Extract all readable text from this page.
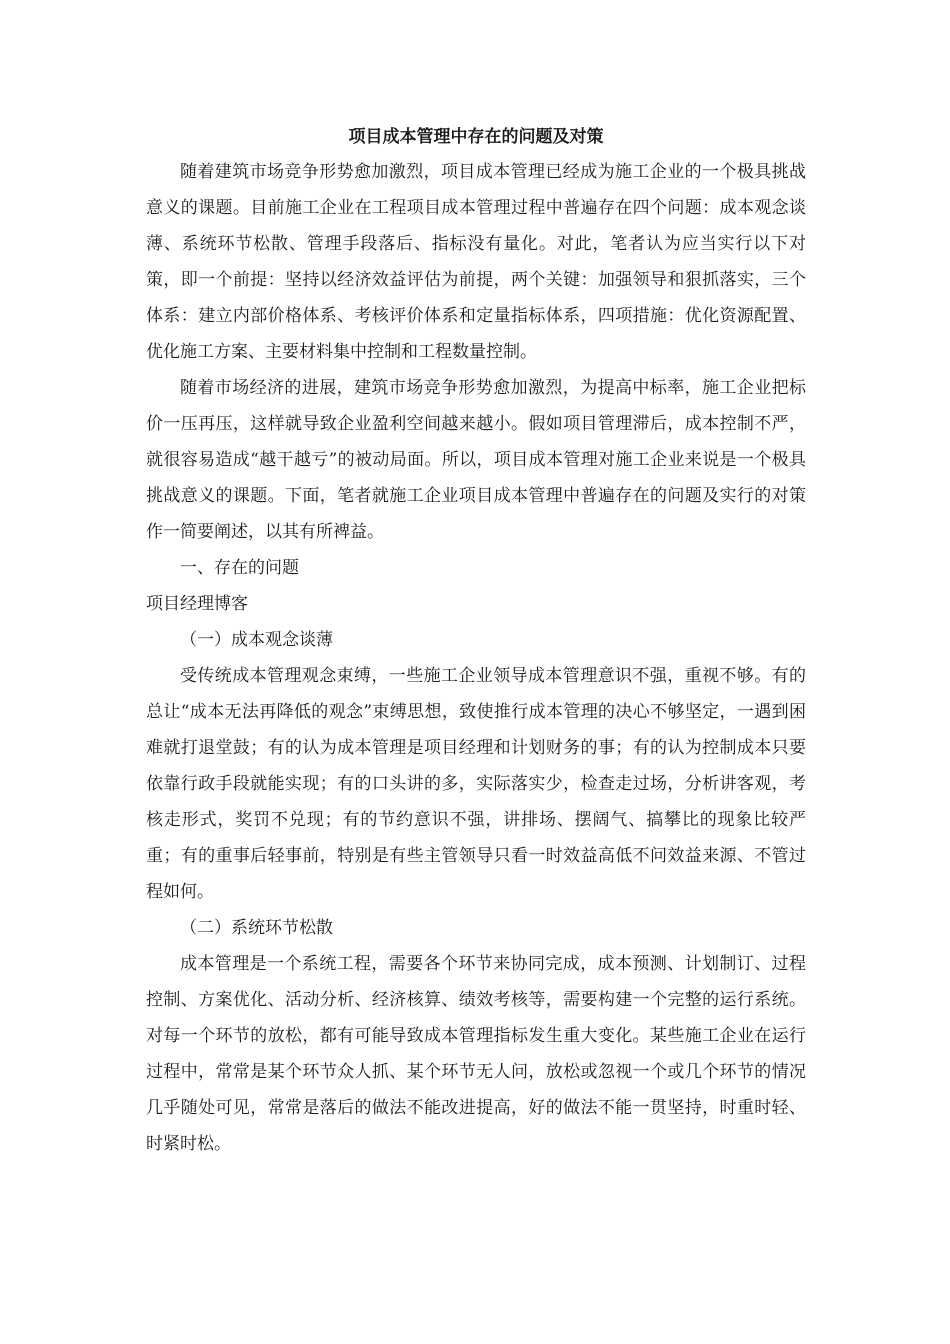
项目成本管理中存在的问题及对策

随着建筑市场竞争形势愈加激烈，项目成本管理已经成为施工企业的一个极具挑战意义的课题。目前施工企业在工程项目成本管理过程中普遍存在四个问题：成本观念谈薄、系统环节松散、管理手段落后、指标没有量化。对此，笔者认为应当实行以下对策，即一个前提：坚持以经济效益评估为前提，两个关键：加强领导和狠抓落实，三个体系：建立内部价格体系、考核评价体系和定量指标体系，四项措施：优化资源配置、优化施工方案、主要材料集中控制和工程数量控制。

随着市场经济的进展，建筑市场竞争形势愈加激烈，为提高中标率，施工企业把标价一压再压，这样就导致企业盈利空间越来越小。假如项目管理滞后，成本控制不严，就很容易造成“越干越亏”的被动局面。所以，项目成本管理对施工企业来说是一个极具挑战意义的课题。下面，笔者就施工企业项目成本管理中普遍存在的问题及实行的对策作一简要阐述，以其有所裨益。

一、存在的问题

项目经理博客

（一）成本观念谈薄

受传统成本管理观念束缚，一些施工企业领导成本管理意识不强，重视不够。有的总让“成本无法再降低的观念”束缚思想，致使推行成本管理的决心不够坚定，一遇到困难就打退堂鼓；有的认为成本管理是项目经理和计划财务的事；有的认为控制成本只要依靠行政手段就能实现；有的口头讲的多，实际落实少，检查走过场，分析讲客观，考核走形式，奖罚不兑现；有的节约意识不强，讲排场、摆阔气、搞攀比的现象比较严重；有的重事后轻事前，特别是有些主管领导只看一时效益高低不问效益来源、不管过程如何。

（二）系统环节松散

成本管理是一个系统工程，需要各个环节来协同完成，成本预测、计划制订、过程控制、方案优化、活动分析、经济核算、绩效考核等，需要构建一个完整的运行系统。对每一个环节的放松，都有可能导致成本管理指标发生重大变化。某些施工企业在运行过程中，常常是某个环节众人抓、某个环节无人问，放松或忽视一个或几个环节的情况几乎随处可见，常常是落后的做法不能改进提高，好的做法不能一贯坚持，时重时轻、时紧时松。
